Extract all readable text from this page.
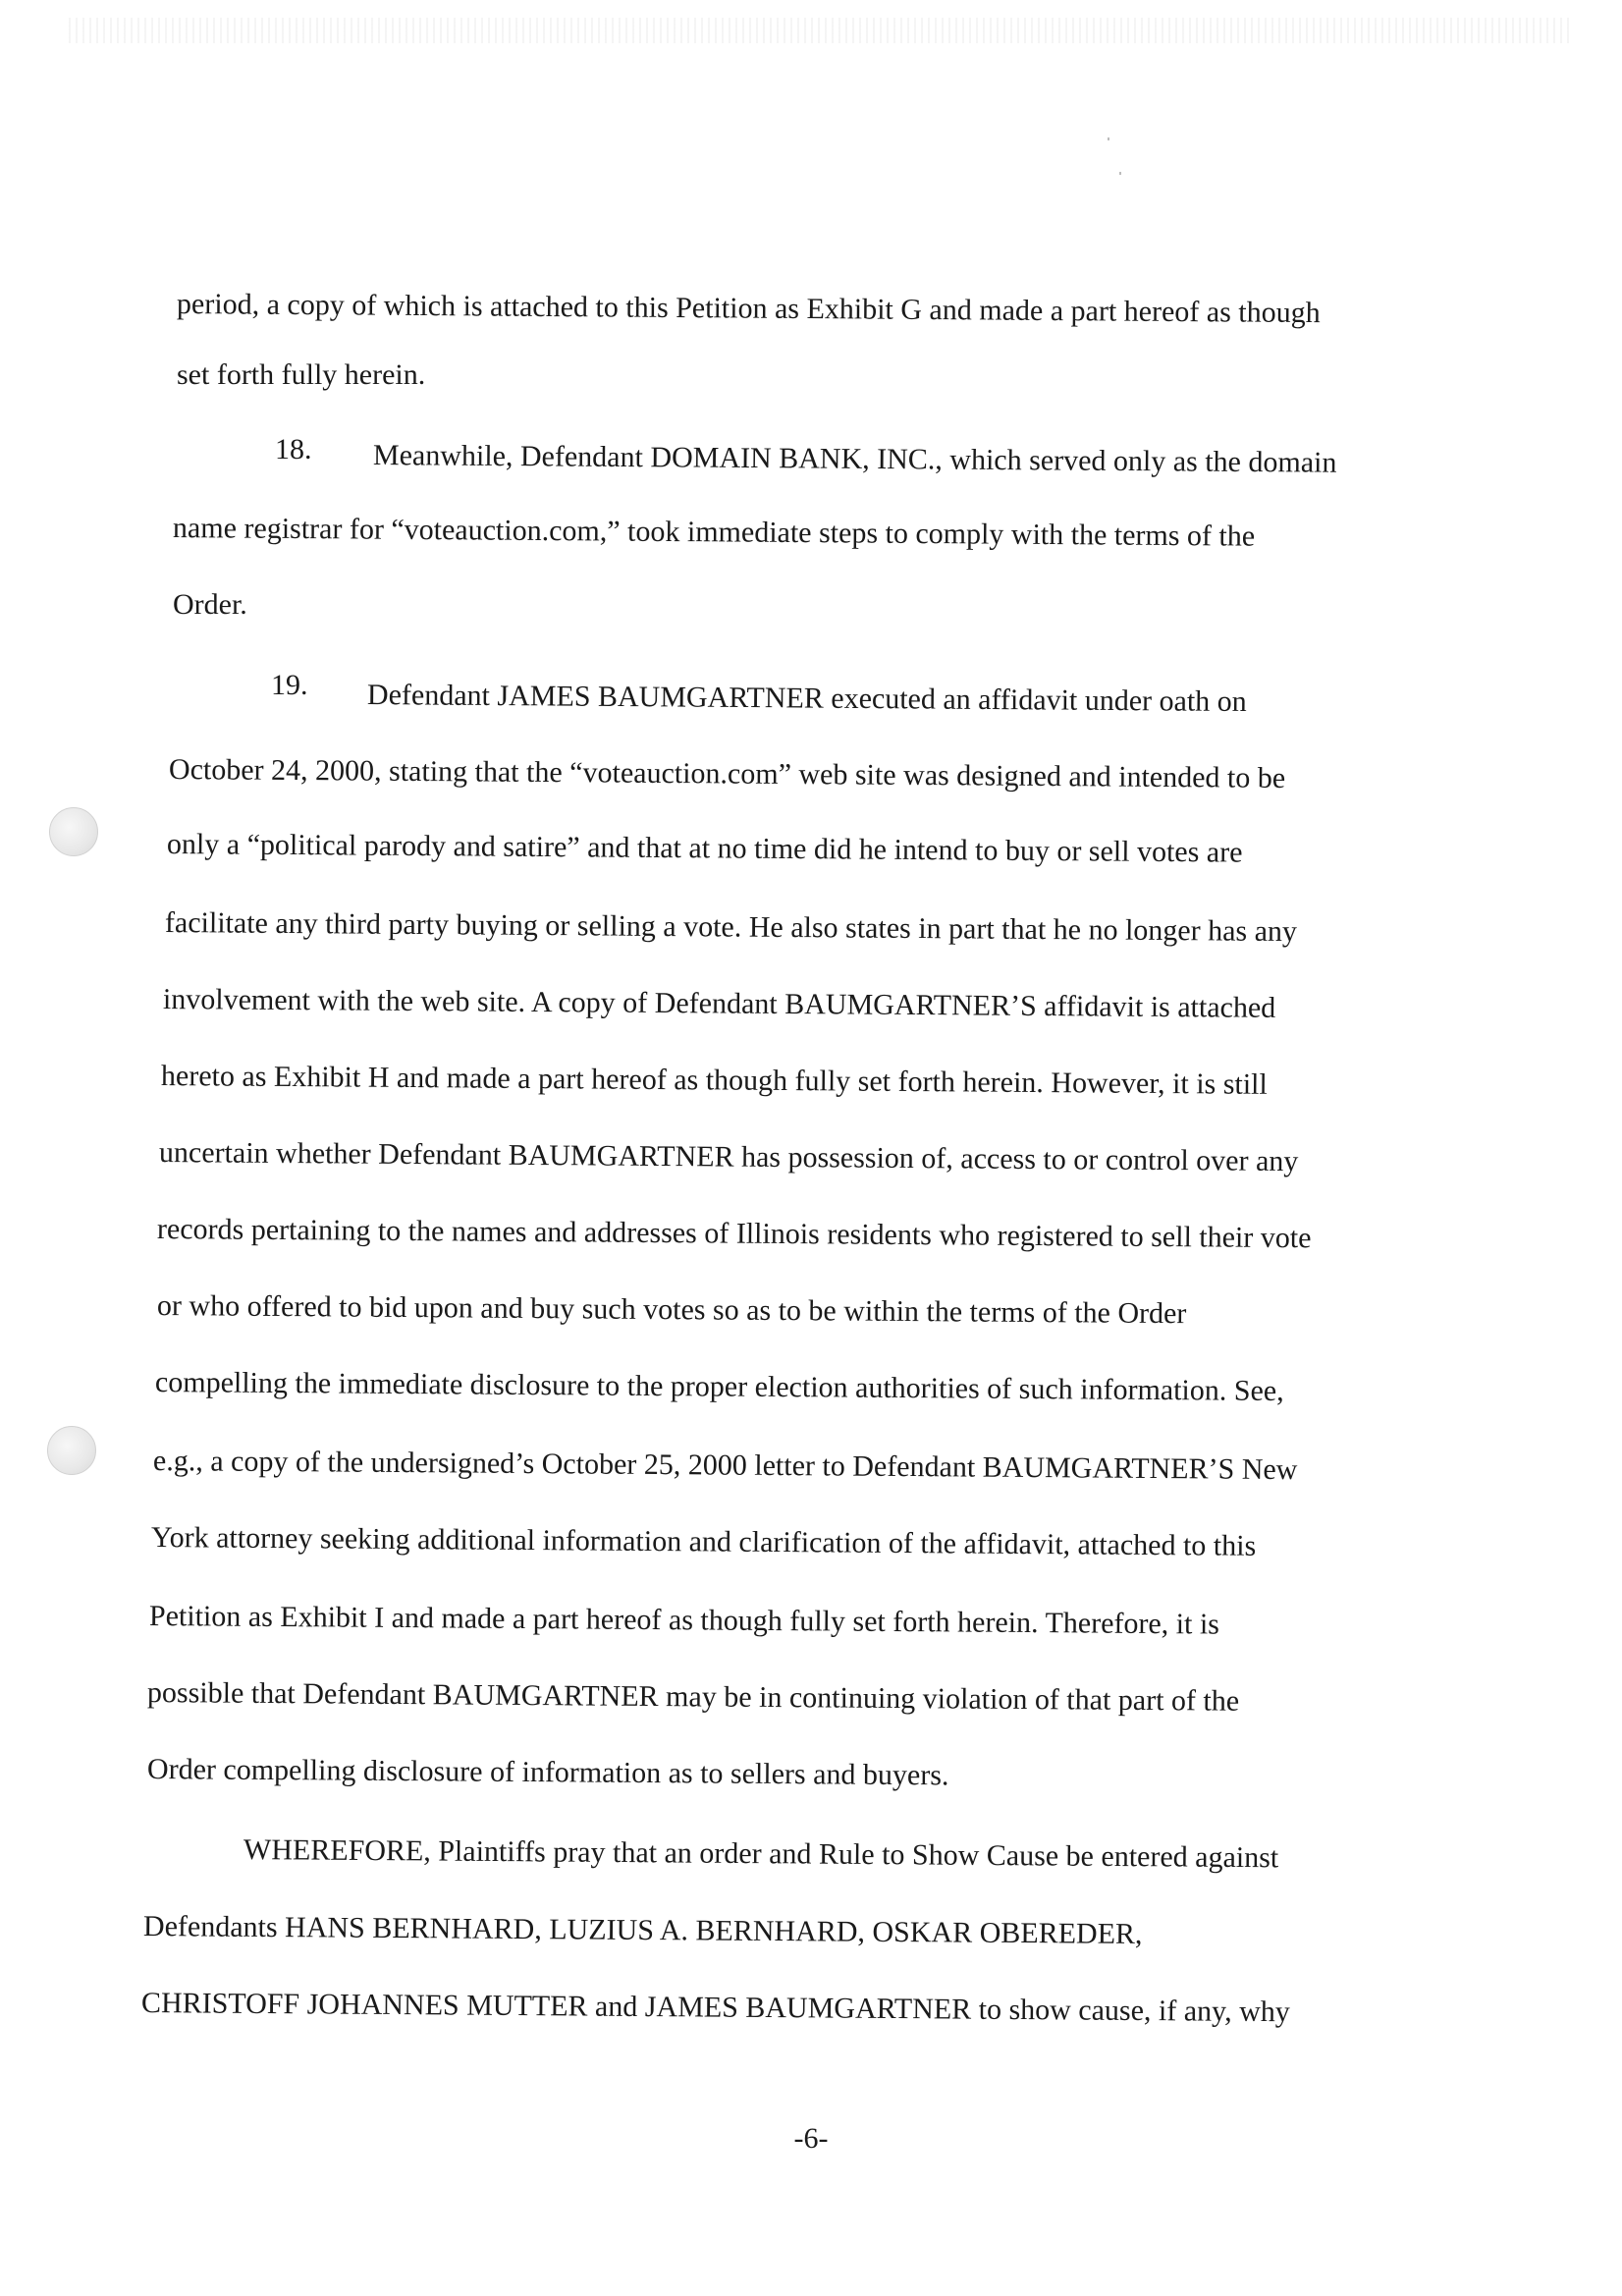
period, a copy of which is attached to this Petition as Exhibit G and made a part hereof as though
set forth fully herein.
18. Meanwhile, Defendant DOMAIN BANK, INC., which served only as the domain
name registrar for “voteauction.com,” took immediate steps to comply with the terms of the
Order.
19. Defendant JAMES BAUMGARTNER executed an affidavit under oath on
October 24, 2000, stating that the “voteauction.com” web site was designed and intended to be
only a “political parody and satire” and that at no time did he intend to buy or sell votes are
facilitate any third party buying or selling a vote. He also states in part that he no longer has any
involvement with the web site. A copy of Defendant BAUMGARTNER’S affidavit is attached
hereto as Exhibit H and made a part hereof as though fully set forth herein. However, it is still
uncertain whether Defendant BAUMGARTNER has possession of, access to or control over any
records pertaining to the names and addresses of Illinois residents who registered to sell their vote
or who offered to bid upon and buy such votes so as to be within the terms of the Order
compelling the immediate disclosure to the proper election authorities of such information. See,
e.g., a copy of the undersigned’s October 25, 2000 letter to Defendant BAUMGARTNER’S New
York attorney seeking additional information and clarification of the affidavit, attached to this
Petition as Exhibit I and made a part hereof as though fully set forth herein. Therefore, it is
possible that Defendant BAUMGARTNER may be in continuing violation of that part of the
Order compelling disclosure of information as to sellers and buyers.
WHEREFORE, Plaintiffs pray that an order and Rule to Show Cause be entered against
Defendants HANS BERNHARD, LUZIUS A. BERNHARD, OSKAR OBEREDER,
CHRISTOFF JOHANNES MUTTER and JAMES BAUMGARTNER to show cause, if any, why
-6-
